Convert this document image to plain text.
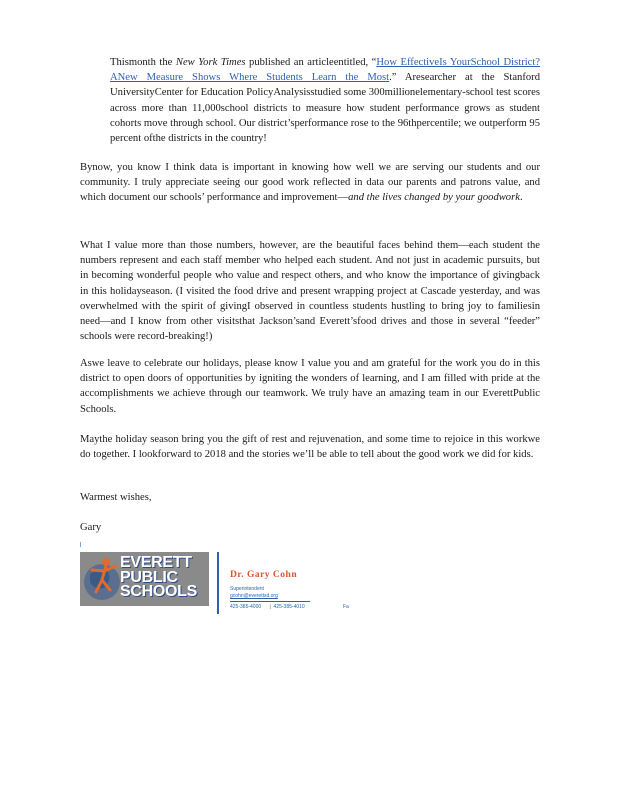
Thismonth the New York Times published an articleentitled, “How EffectiveIs YourSchool District?ANew Measure Shows Where Students Learn the Most.” Aresearcher at the Stanford UniversityCenter for Education PolicyAnalysisstudied some 300millionelementary-school test scores across more than 11,000school districts to measure how student performance grows as student cohorts move through school. Our district’sperformance rose to the 96thpercentile; we outperform 95 percent ofthe districts in the country!
Bynow, you know I think data is important in knowing how well we are serving our students and our community. I truly appreciate seeing our good work reflected in data our parents and patrons value, and which document our schools’ performance and improvement—and the lives changed by your goodwork.
What I value more than those numbers, however, are the beautiful faces behind them—each student the numbers represent and each staff member who helped each student. And not just in academic pursuits, but in becoming wonderful people who value and respect others, and who know the importance of givingback in this holidayseason. (I visited the food drive and present wrapping project at Cascade yesterday, and was overwhelmed with the spirit of givingI observed in countless students hustling to bring joy to familiesin need—and I know from other visitsthat Jackson’sand Everett’sfood drives and those in several “feeder” schools were record-breaking!)
Aswe leave to celebrate our holidays, please know I value you and am grateful for the work you do in this district to open doors of opportunities by igniting the wonders of learning, and I am filled with pride at the accomplishments we achieve through our teamwork. We truly have an amazing team in our EverettPublic Schools.
Maythe holiday season bring you the gift of rest and rejuvenation, and some time to rejoice in this workwe do together. I lookforward to 2018 and the stories we’ll be able to tell about the good work we did for kids.
Warmest wishes,
Gary
EVERETT
PUBLIC
SCHOOLS
Dr. Gary Cohn
Superintendent
gcohn@everettsd.org
425-385-4000      |  425-385-4010	Fa
